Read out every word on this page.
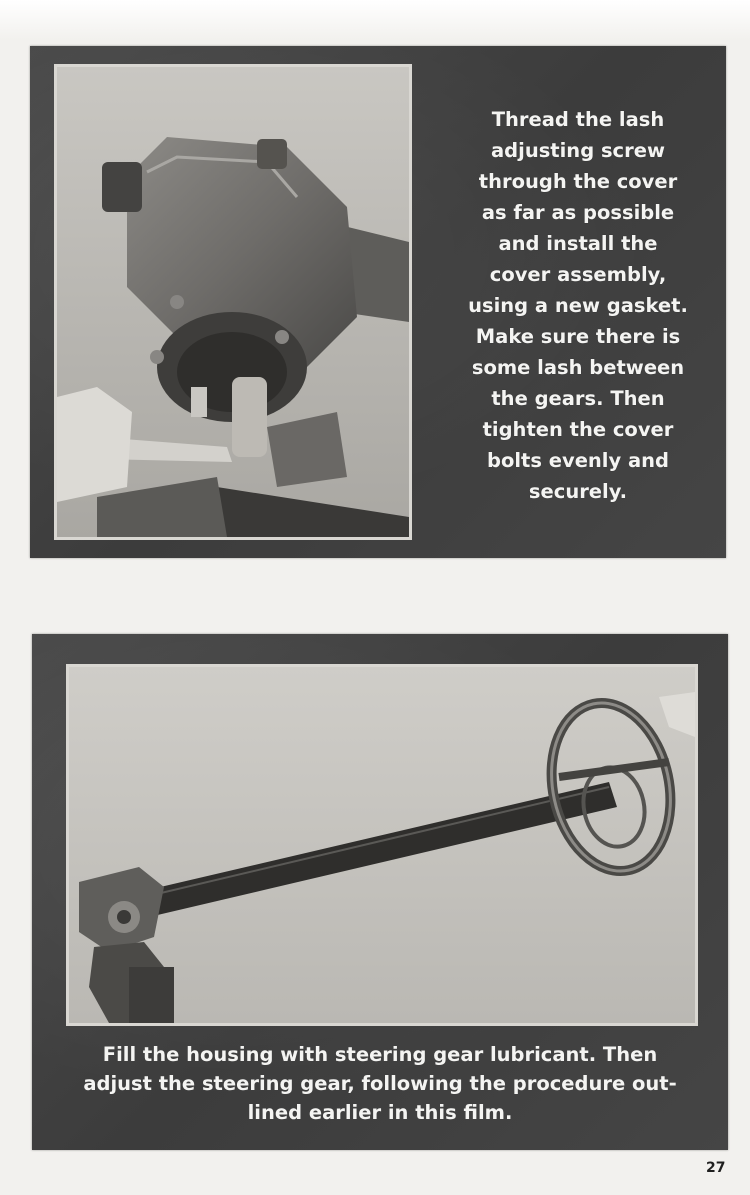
Thread the lash
adjusting screw
through the cover
as far as possible
and install the
cover assembly,
using a new gasket.
Make sure there is
some lash between
the gears. Then
tighten the cover
bolts evenly and
securely.
Fill the housing with steering gear lubricant. Then
adjust the steering gear, following the procedure out-
lined earlier in this film.
27
